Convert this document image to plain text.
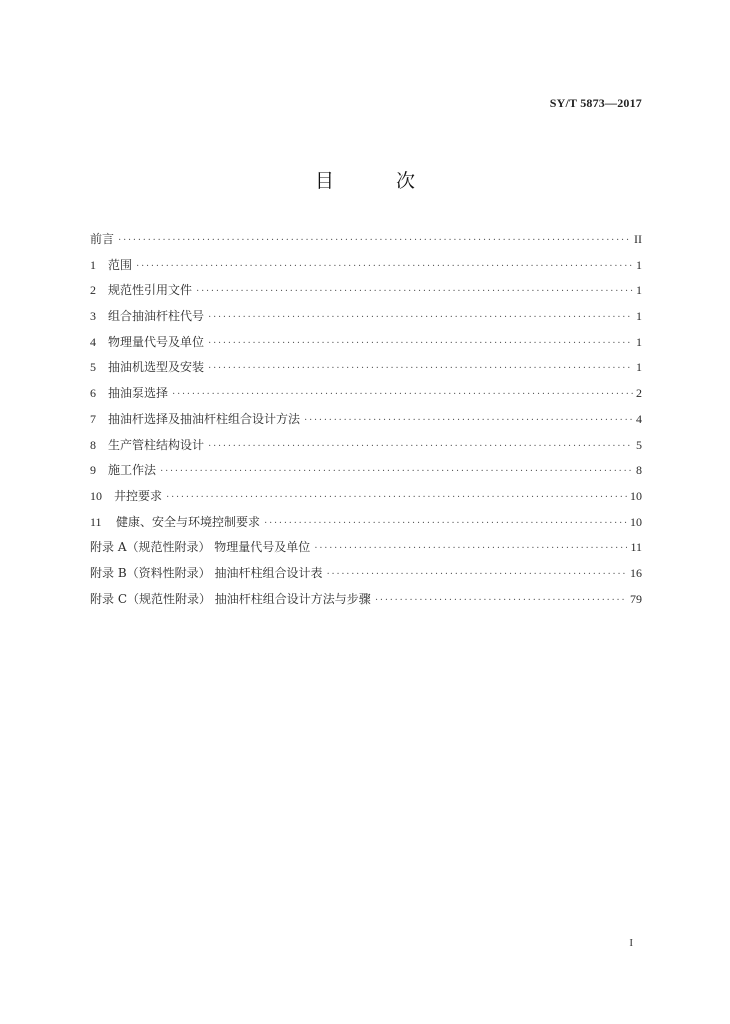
SY/T 5873—2017
目 次
前言 ·····	II
1 范围 ·····	1
2 规范性引用文件 ·····	1
3 组合抽油杆柱代号 ·····	1
4 物理量代号及单位 ·····	1
5 抽油机选型及安装 ·····	1
6 抽油泵选择 ·····	2
7 抽油杆选择及抽油杆柱组合设计方法 ·····	4
8 生产管柱结构设计 ·····	5
9 施工作法 ·····	8
10 井控要求 ·····	10
11 健康、安全与环境控制要求 ·····	10
附录 A（规范性附录） 物理量代号及单位 ·····	11
附录 B（资料性附录） 抽油杆柱组合设计表 ·····	16
附录 C（规范性附录） 抽油杆柱组合设计方法与步骤 ·····	79
I
